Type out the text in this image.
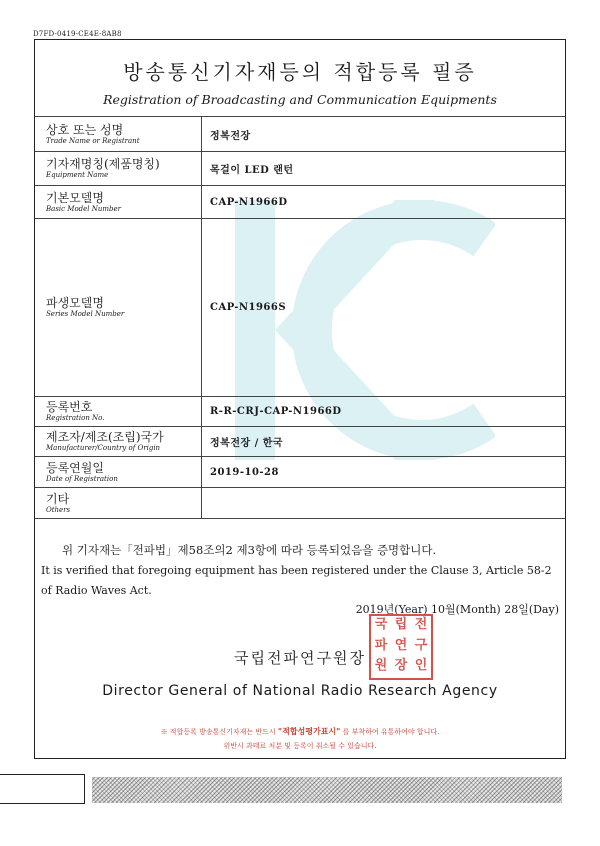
D7FD-0419-CE4E-8AB8
방송통신기자재등의 적합등록 필증
Registration of Broadcasting and Communication Equipments
상호 또는 성명
Trade Name or Registrant	정복전장

기자재명칭(제품명칭)
Equipment Name	목걸이 LED 랜턴

기본모델명
Basic Model Number	CAP-N1966D

파생모델명
Series Model Number	CAP-N1966S

등록번호
Registration No.	R-R-CRJ-CAP-N1966D

제조자/제조(조립)국가
Manufacturer/Country of Origin	정복전장 / 한국

등록연월일
Date of Registration	2019-10-28

기타
Others	

위 기자재는「전파법」제58조의2 제3항에 따라 등록되었음을 증명합니다.
It is verified that foregoing equipment has been registered under the Clause 3, Article 58-2 of Radio Waves Act.
2019년(Year) 10월(Month) 28일(Day)
국립전파연구원장
국 립 전
파 연 구
원 장 인
Director General of National Radio Research Agency
※ 적합등록 방송통신기자재는 반드시 "적합성평가표시" 를 부착하여 유통하여야 합니다.
위반시 과태료 처분 및 등록이 취소될 수 있습니다.
